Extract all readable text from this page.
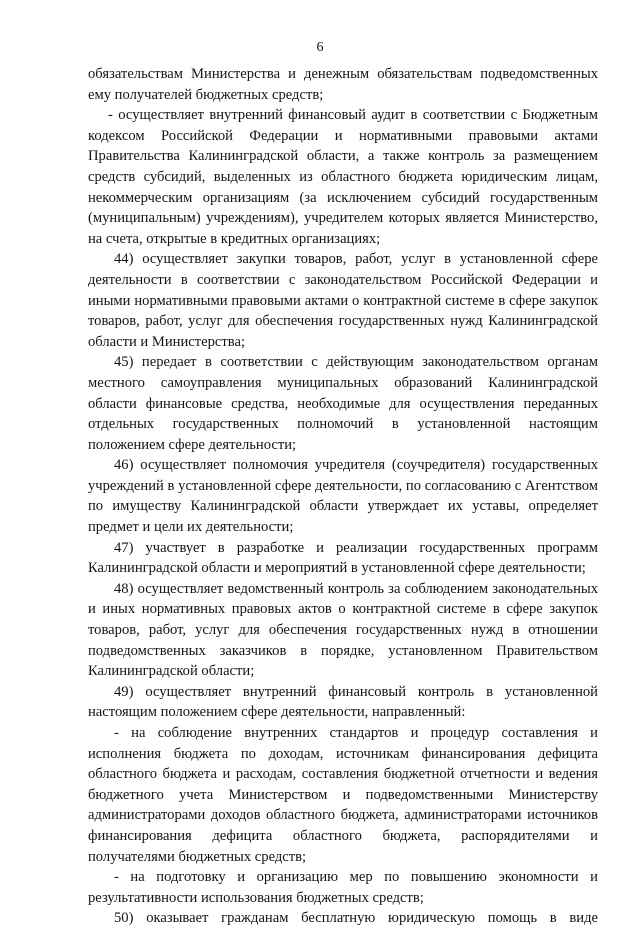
6

обязательствам Министерства и денежным обязательствам подведомственных ему получателей бюджетных средств;

- осуществляет внутренний финансовый аудит в соответствии с Бюджетным кодексом Российской Федерации и нормативными правовыми актами Правительства Калининградской области, а также контроль за размещением средств субсидий, выделенных из областного бюджета юридическим лицам, некоммерческим организациям (за исключением субсидий государственным (муниципальным) учреждениям), учредителем которых является Министерство, на счета, открытые в кредитных организациях;

44) осуществляет закупки товаров, работ, услуг в установленной сфере деятельности в соответствии с законодательством Российской Федерации и иными нормативными правовыми актами о контрактной системе в сфере закупок товаров, работ, услуг для обеспечения государственных нужд Калининградской области и Министерства;

45) передает в соответствии с действующим законодательством органам местного самоуправления муниципальных образований Калининградской области финансовые средства, необходимые для осуществления переданных отдельных государственных полномочий в установленной настоящим положением сфере деятельности;

46) осуществляет полномочия учредителя (соучредителя) государственных учреждений в установленной сфере деятельности, по согласованию с Агентством по имуществу Калининградской области утверждает их уставы, определяет предмет и цели их деятельности;

47) участвует в разработке и реализации государственных программ Калининградской области и мероприятий в установленной сфере деятельности;

48) осуществляет ведомственный контроль за соблюдением законодательных и иных нормативных правовых актов о контрактной системе в сфере закупок товаров, работ, услуг для обеспечения государственных нужд в отношении подведомственных заказчиков в порядке, установленном Правительством Калининградской области;

49) осуществляет внутренний финансовый контроль в установленной настоящим положением сфере деятельности, направленный:

- на соблюдение внутренних стандартов и процедур составления и исполнения бюджета по доходам, источникам финансирования дефицита областного бюджета и расходам, составления бюджетной отчетности и ведения бюджетного учета Министерством и подведомственными Министерству администраторами доходов областного бюджета, администраторами источников финансирования дефицита областного бюджета, распорядителями и получателями бюджетных средств;

- на подготовку и организацию мер по повышению экономности и результативности использования бюджетных средств;

50) оказывает гражданам бесплатную юридическую помощь в виде
